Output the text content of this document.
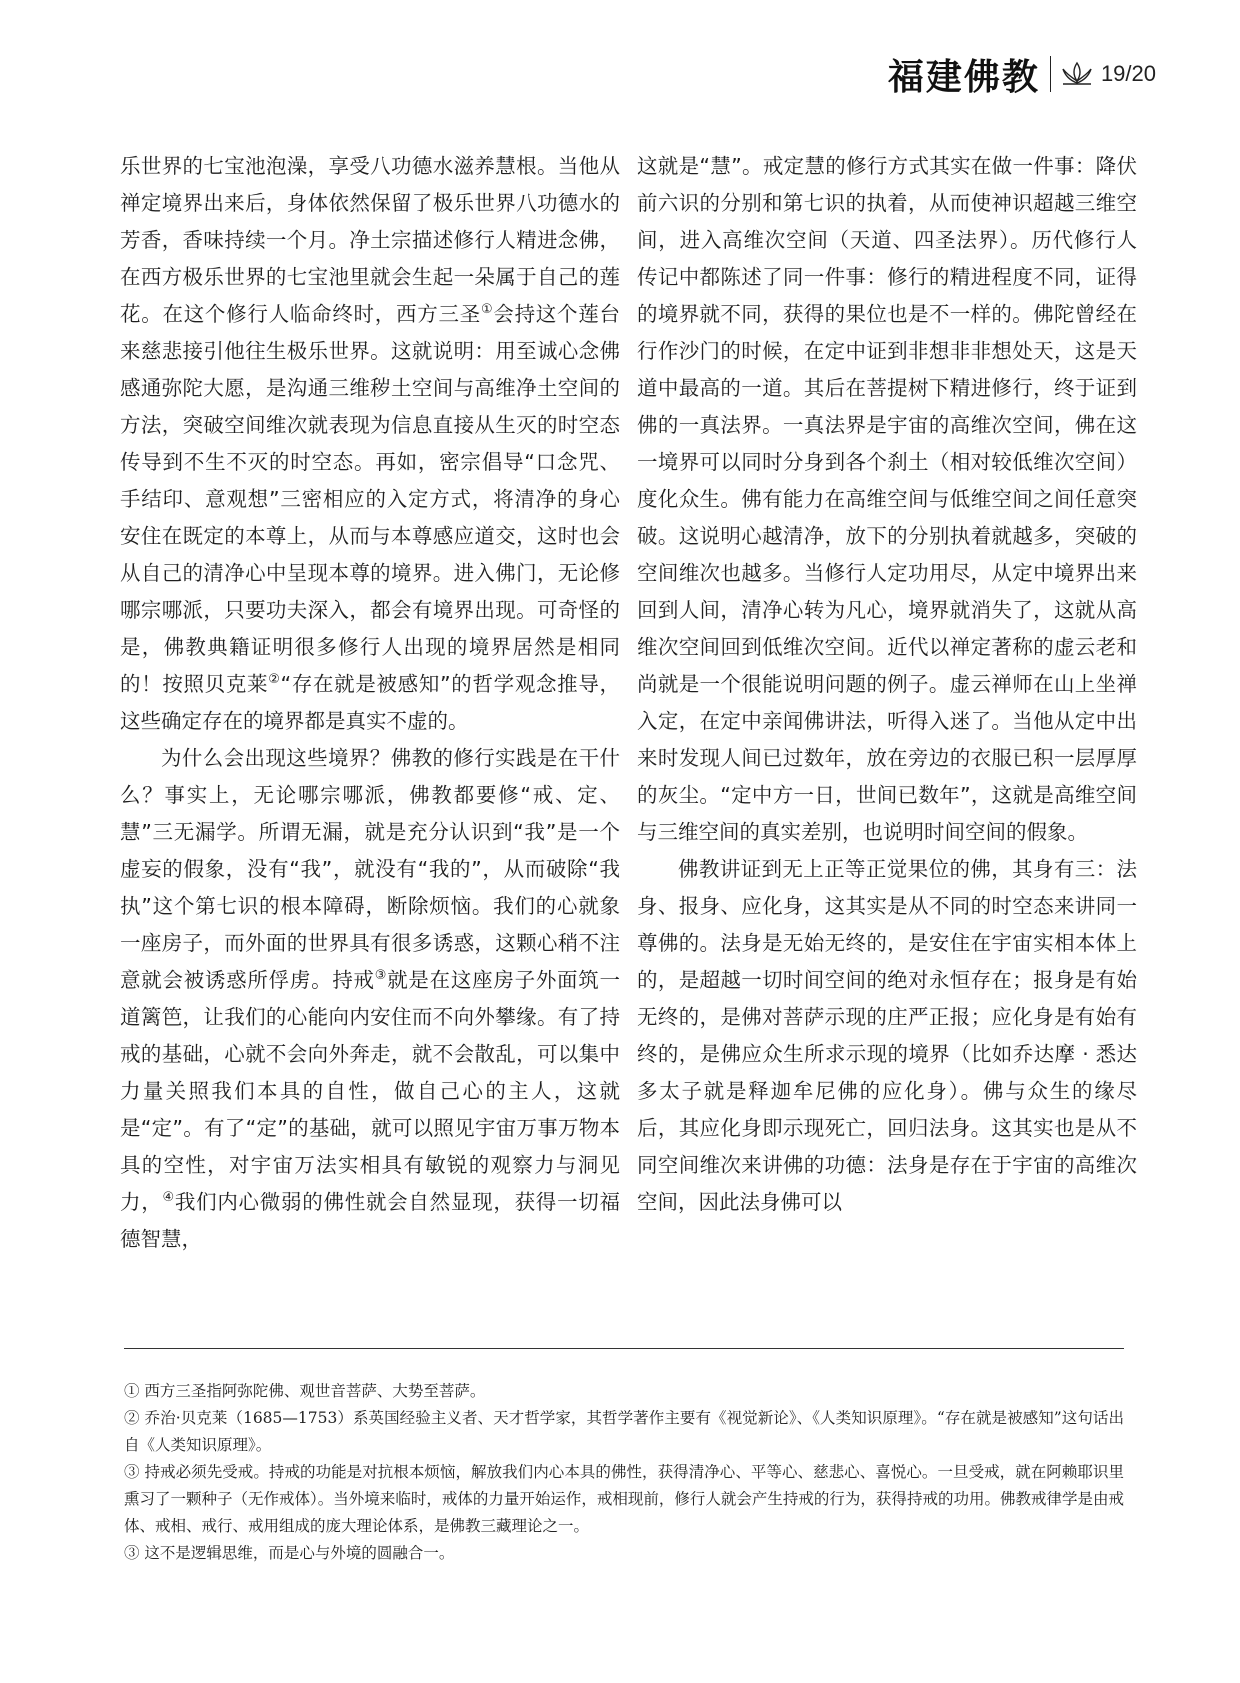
福建佛教	19/20

乐世界的七宝池泡澡，享受八功德水滋养慧根。当他从禅定境界出来后，身体依然保留了极乐世界八功德水的芳香，香味持续一个月。净土宗描述修行人精进念佛，在西方极乐世界的七宝池里就会生起一朵属于自己的莲花。在这个修行人临命终时，西方三圣①会持这个莲台来慈悲接引他往生极乐世界。这就说明：用至诚心念佛感通弥陀大愿，是沟通三维秽土空间与高维净土空间的方法，突破空间维次就表现为信息直接从生灭的时空态传导到不生不灭的时空态。再如，密宗倡导“口念咒、手结印、意观想”三密相应的入定方式，将清净的身心安住在既定的本尊上，从而与本尊感应道交，这时也会从自己的清净心中呈现本尊的境界。进入佛门，无论修哪宗哪派，只要功夫深入，都会有境界出现。可奇怪的是，佛教典籍证明很多修行人出现的境界居然是相同的！按照贝克莱②“存在就是被感知”的哲学观念推导，这些确定存在的境界都是真实不虚的。

为什么会出现这些境界？佛教的修行实践是在干什么？事实上，无论哪宗哪派，佛教都要修“戒、定、慧”三无漏学。所谓无漏，就是充分认识到“我”是一个虚妄的假象，没有“我”，就没有“我的”，从而破除“我执”这个第七识的根本障碍，断除烦恼。我们的心就象一座房子，而外面的世界具有很多诱惑，这颗心稍不注意就会被诱惑所俘虏。持戒③就是在这座房子外面筑一道篱笆，让我们的心能向内安住而不向外攀缘。有了持戒的基础，心就不会向外奔走，就不会散乱，可以集中力量关照我们本具的自性，做自己心的主人，这就是“定”。有了“定”的基础，就可以照见宇宙万事万物本具的空性，对宇宙万法实相具有敏锐的观察力与洞见力，④我们内心微弱的佛性就会自然显现，获得一切福德智慧，

这就是“慧”。戒定慧的修行方式其实在做一件事：降伏前六识的分别和第七识的执着，从而使神识超越三维空间，进入高维次空间（天道、四圣法界）。历代修行人传记中都陈述了同一件事：修行的精进程度不同，证得的境界就不同，获得的果位也是不一样的。佛陀曾经在行作沙门的时候，在定中证到非想非非想处天，这是天道中最高的一道。其后在菩提树下精进修行，终于证到佛的一真法界。一真法界是宇宙的高维次空间，佛在这一境界可以同时分身到各个刹土（相对较低维次空间）度化众生。佛有能力在高维空间与低维空间之间任意突破。这说明心越清净，放下的分别执着就越多，突破的空间维次也越多。当修行人定功用尽，从定中境界出来回到人间，清净心转为凡心，境界就消失了，这就从高维次空间回到低维次空间。近代以禅定著称的虚云老和尚就是一个很能说明问题的例子。虚云禅师在山上坐禅入定，在定中亲闻佛讲法，听得入迷了。当他从定中出来时发现人间已过数年，放在旁边的衣服已积一层厚厚的灰尘。“定中方一日，世间已数年”，这就是高维空间与三维空间的真实差别，也说明时间空间的假象。

佛教讲证到无上正等正觉果位的佛，其身有三：法身、报身、应化身，这其实是从不同的时空态来讲同一尊佛的。法身是无始无终的，是安住在宇宙实相本体上的，是超越一切时间空间的绝对永恒存在；报身是有始无终的，是佛对菩萨示现的庄严正报；应化身是有始有终的，是佛应众生所求示现的境界（比如乔达摩 · 悉达多太子就是释迦牟尼佛的应化身）。佛与众生的缘尽后，其应化身即示现死亡，回归法身。这其实也是从不同空间维次来讲佛的功德：法身是存在于宇宙的高维次空间，因此法身佛可以

① 西方三圣指阿弥陀佛、观世音菩萨、大势至菩萨。

② 乔治·贝克莱（1685—1753）系英国经验主义者、天才哲学家，其哲学著作主要有《视觉新论》、《人类知识原理》。“存在就是被感知”这句话出自《人类知识原理》。

③ 持戒必须先受戒。持戒的功能是对抗根本烦恼，解放我们内心本具的佛性，获得清净心、平等心、慈悲心、喜悦心。一旦受戒，就在阿赖耶识里熏习了一颗种子（无作戒体）。当外境来临时，戒体的力量开始运作，戒相现前，修行人就会产生持戒的行为，获得持戒的功用。佛教戒律学是由戒体、戒相、戒行、戒用组成的庞大理论体系，是佛教三藏理论之一。

③ 这不是逻辑思维，而是心与外境的圆融合一。
